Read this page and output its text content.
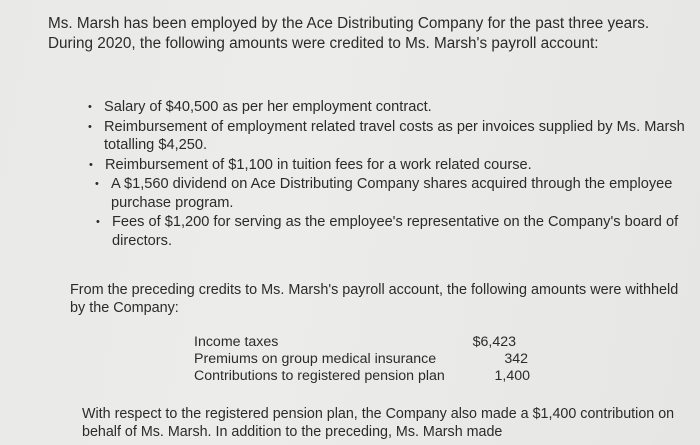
Ms. Marsh has been employed by the Ace Distributing Company for the past three years. During 2020, the following amounts were credited to Ms. Marsh's payroll account:

• Salary of $40,500 as per her employment contract.
• Reimbursement of employment related travel costs as per invoices supplied by Ms. Marsh totalling $4,250.
• Reimbursement of $1,100 in tuition fees for a work related course.
• A $1,560 dividend on Ace Distributing Company shares acquired through the employee purchase program.
• Fees of $1,200 for serving as the employee's representative on the Company's board of directors.

From the preceding credits to Ms. Marsh's payroll account, the following amounts were withheld by the Company:

Income taxes	$6,423
Premiums on group medical insurance	342
Contributions to registered pension plan	1,400

With respect to the registered pension plan, the Company also made a $1,400 contribution on behalf of Ms. Marsh. In addition to the preceding, Ms. Marsh made
